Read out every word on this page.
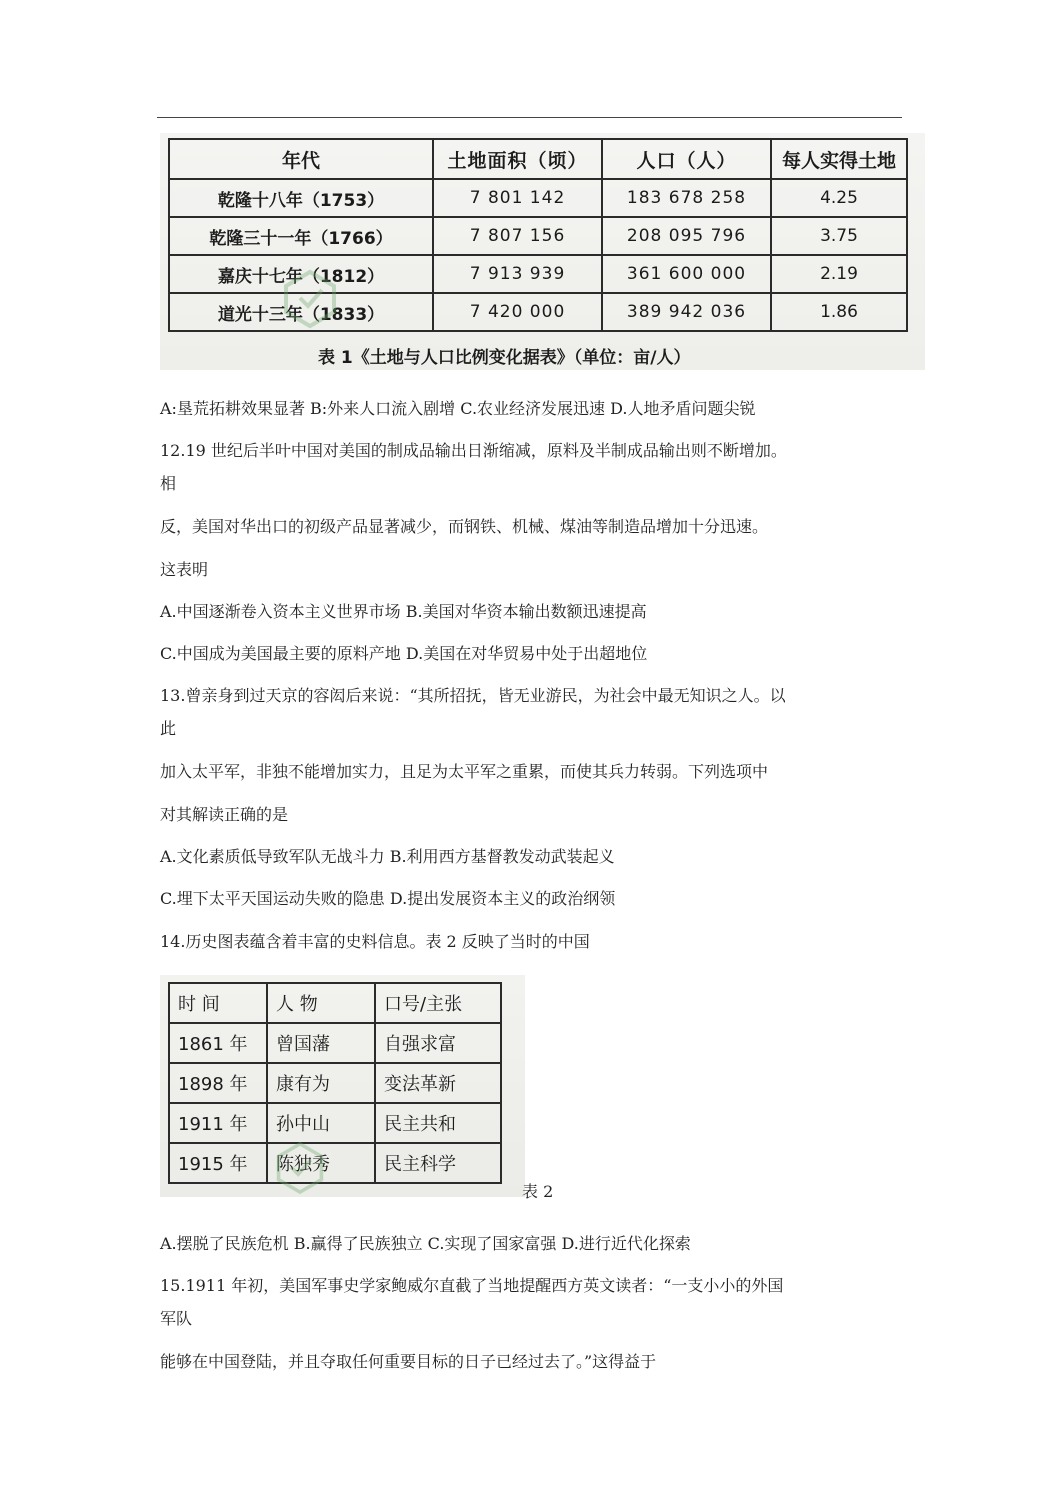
年代	土地面积（顷）	人口（人）	每人实得土地
乾隆十八年（1753）	7 801 142	183 678 258	4.25
乾隆三十一年（1766）	7 807 156	208 095 796	3.75
嘉庆十七年（1812）	7 913 939	361 600 000	2.19
道光十三年（1833）	7 420 000	389 942 036	1.86
表 1《土地与人口比例变化据表》（单位：亩/人）
A:垦荒拓耕效果显著 B:外来人口流入剧增 C.农业经济发展迅速 D.人地矛盾问题尖锐
12.19 世纪后半叶中国对美国的制成品输出日渐缩减，原料及半制成品输出则不断增加。
相
反，美国对华出口的初级产品显著减少，而钢铁、机械、煤油等制造品增加十分迅速。
这表明
A.中国逐渐卷入资本主义世界市场 B.美国对华资本输出数额迅速提高
C.中国成为美国最主要的原料产地 D.美国在对华贸易中处于出超地位
13.曾亲身到过天京的容闳后来说：“其所招抚，皆无业游民，为社会中最无知识之人。以
此
加入太平军，非独不能增加实力，且足为太平军之重累，而使其兵力转弱。下列选项中
对其解读正确的是
A.文化素质低导致军队无战斗力 B.利用西方基督教发动武装起义
C.埋下太平天国运动失败的隐患 D.提出发展资本主义的政治纲领
14.历史图表蕴含着丰富的史料信息。表 2 反映了当时的中国
时 间	人 物	口号/主张
1861 年	曾国藩	自强求富
1898 年	康有为	变法革新
1911 年	孙中山	民主共和
1915 年	陈独秀	民主科学
表 2
A.摆脱了民族危机 B.赢得了民族独立 C.实现了国家富强 D.进行近代化探索
15.1911 年初，美国军事史学家鲍威尔直截了当地提醒西方英文读者：“一支小小的外国
军队
能够在中国登陆，并且夺取任何重要目标的日子已经过去了。”这得益于
